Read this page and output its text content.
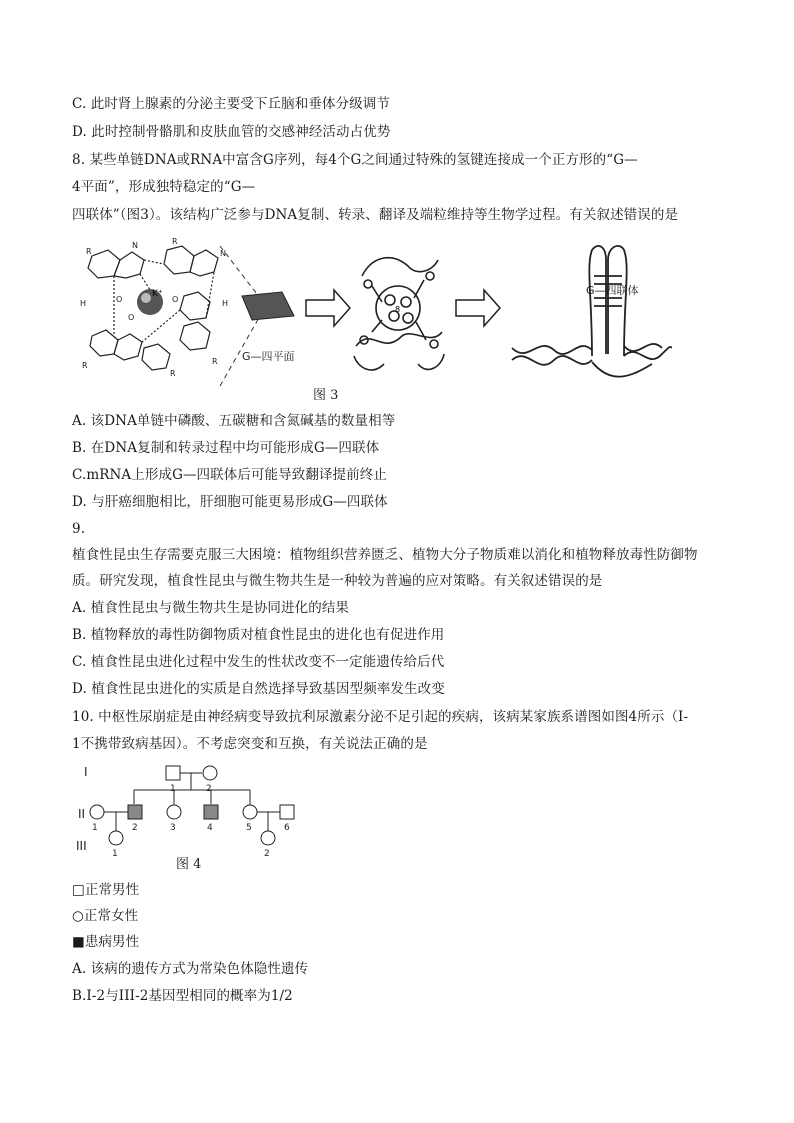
C. 此时肾上腺素的分泌主要受下丘脑和垂体分级调节
D. 此时控制骨骼肌和皮肤血管的交感神经活动占优势
8. 某些单链DNA或RNA中富含G序列，每4个G之间通过特殊的氢键连接成一个正方形的“G—
4平面”，形成独特稳定的“G—
四联体”（图3）。该结构广泛参与DNA复制、转录、翻译及端粒维持等生物学过程。有关叙述错误的是
K⁺
R
N	R
N
H	H
R
R
R
O
O
O
G—四平面
8
G—四联体
图 3
A. 该DNA单链中磷酸、五碳糖和含氮碱基的数量相等
B. 在DNA复制和转录过程中均可能形成G—四联体
C.mRNA上形成G—四联体后可能导致翻译提前终止
D. 与肝癌细胞相比，肝细胞可能更易形成G—四联体
9.
植食性昆虫生存需要克服三大困境：植物组织营养匮乏、植物大分子物质难以消化和植物释放毒性防御物
质。研究发现，植食性昆虫与微生物共生是一种较为普遍的应对策略。有关叙述错误的是
A. 植食性昆虫与微生物共生是协同进化的结果
B. 植物释放的毒性防御物质对植食性昆虫的进化也有促进作用
C. 植食性昆虫进化过程中发生的性状改变不一定能遗传给后代
D. 植食性昆虫进化的实质是自然选择导致基因型频率发生改变
10. 中枢性尿崩症是由神经病变导致抗利尿激素分泌不足引起的疾病，该病某家族系谱图如图4所示（I-
1不携带致病基因）。不考虑突变和互换，有关说法正确的是
I
II
III
1	2
1	2	3	4	5	6
1	2
图 4
□正常男性
○正常女性
■患病男性
A. 该病的遗传方式为常染色体隐性遗传
B.I-2与III-2基因型相同的概率为1/2
